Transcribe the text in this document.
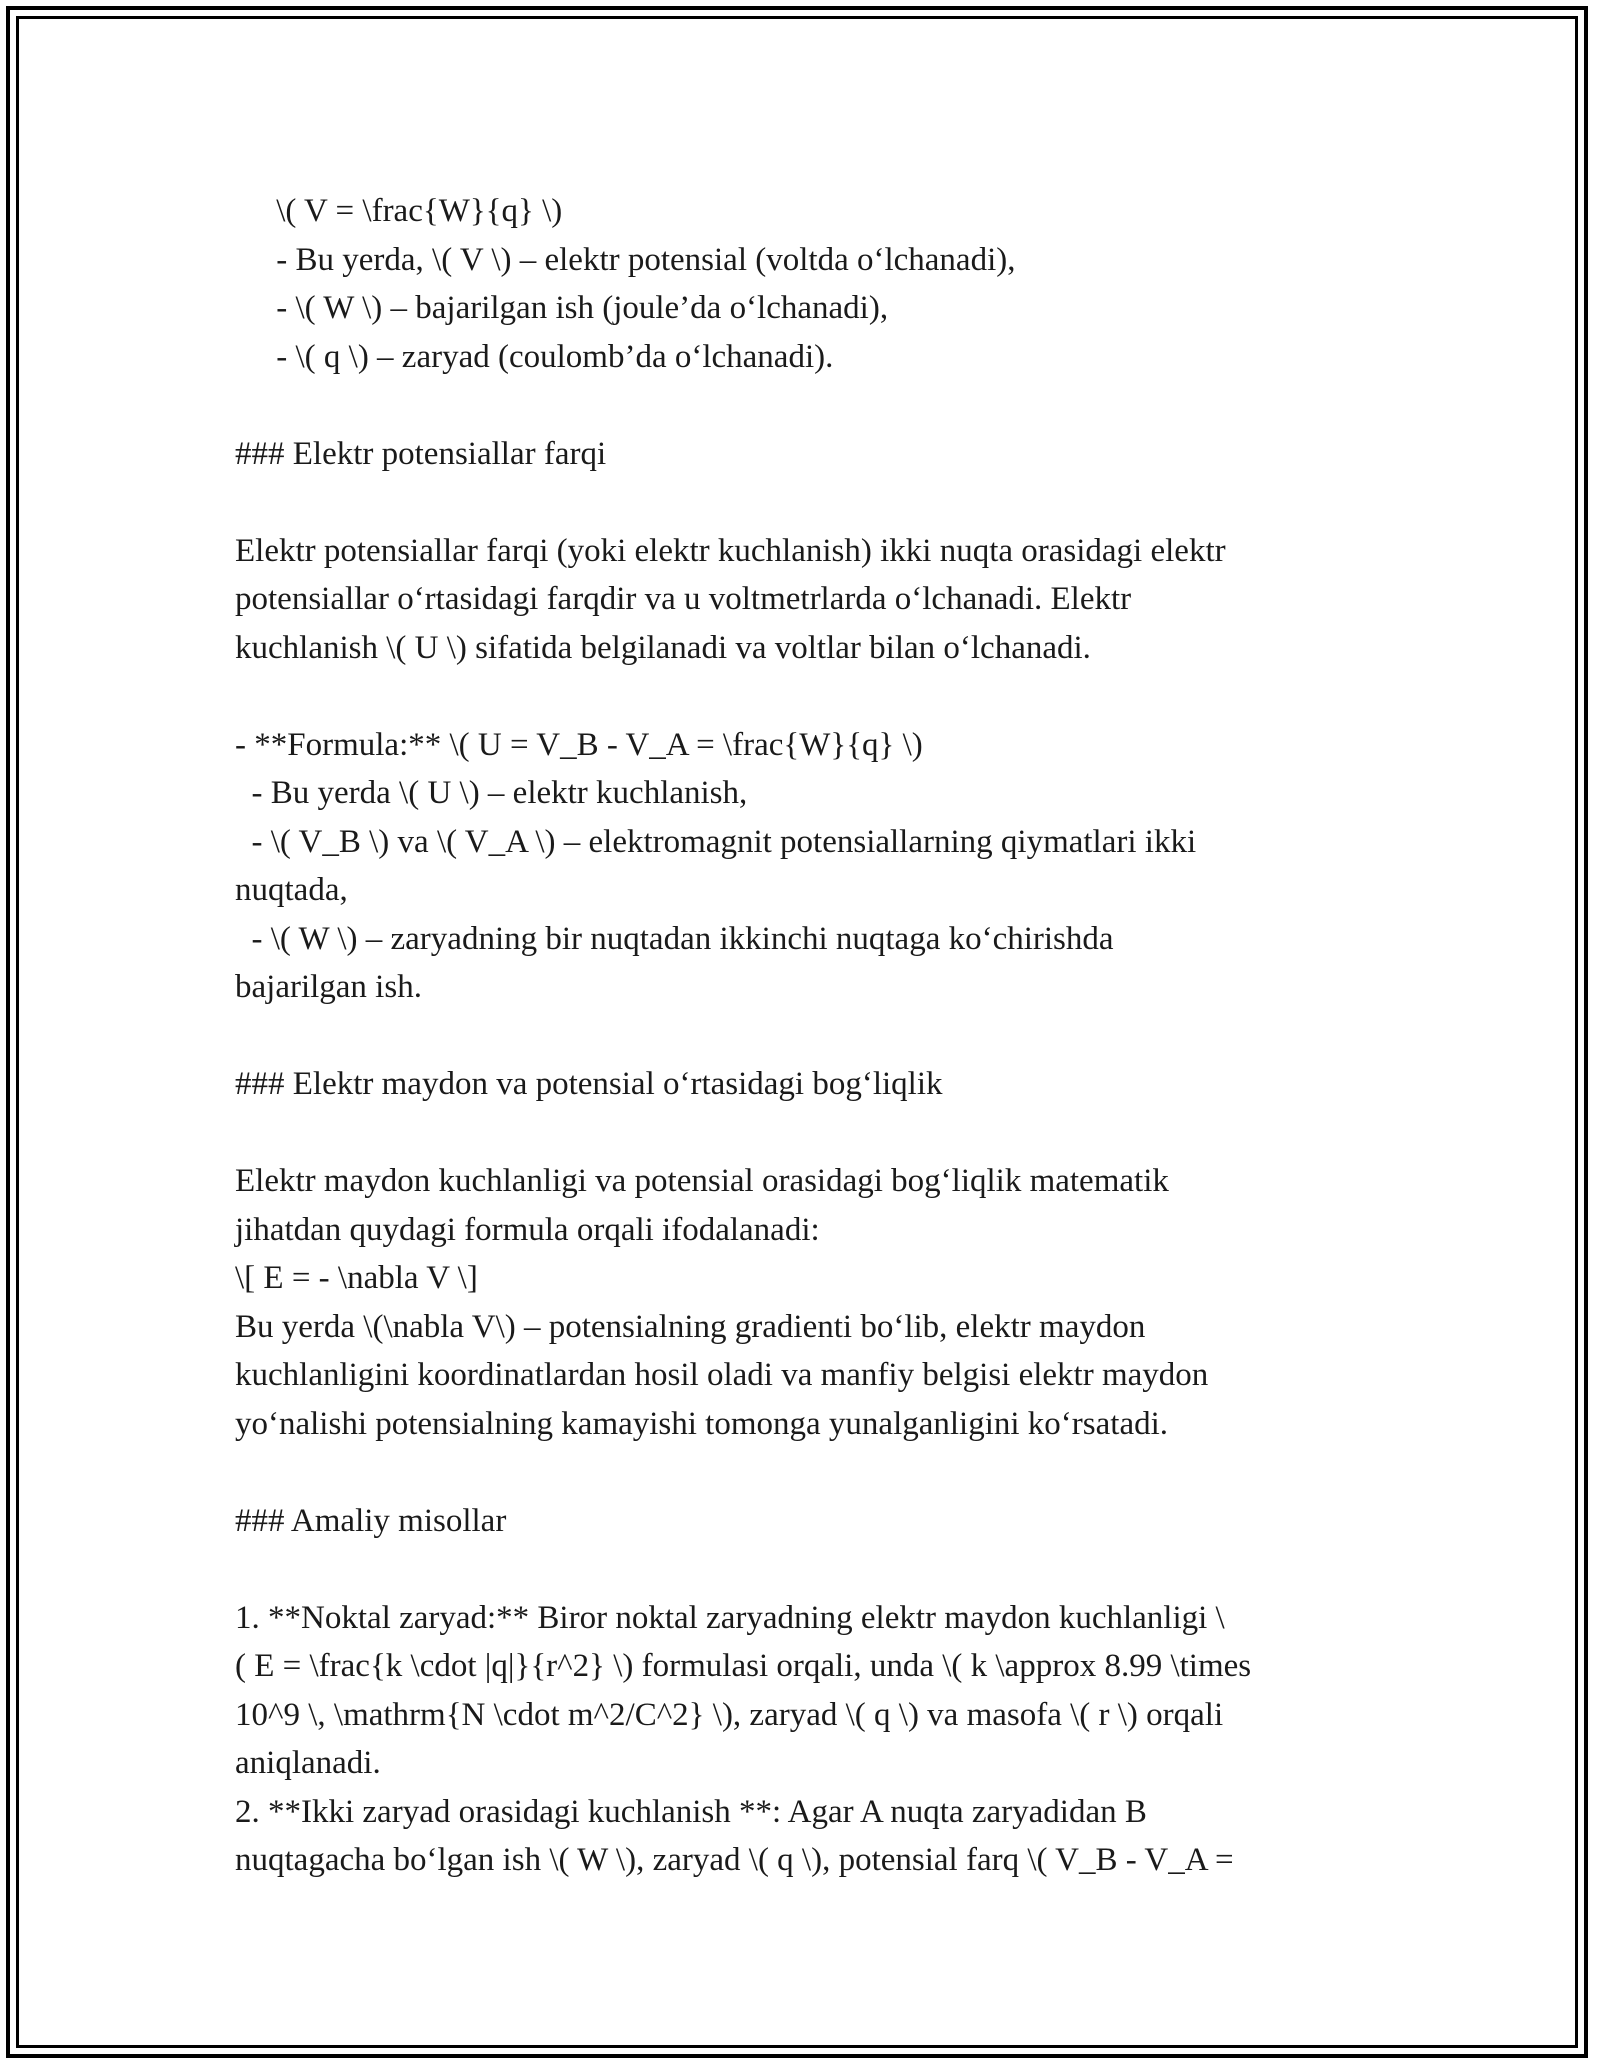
\( V = \frac{W}{q} \)
- Bu yerda, \( V \) – elektr potensial (voltda o‘lchanadi),
- \( W \) – bajarilgan ish (joule’da o‘lchanadi),
- \( q \) – zaryad (coulomb’da o‘lchanadi).
### Elektr potensiallar farqi
Elektr potensiallar farqi (yoki elektr kuchlanish) ikki nuqta orasidagi elektr
potensiallar o‘rtasidagi farqdir va u voltmetrlarda o‘lchanadi. Elektr
kuchlanish \( U \) sifatida belgilanadi va voltlar bilan o‘lchanadi.
- **Formula:** \( U = V_B - V_A = \frac{W}{q} \)
- Bu yerda \( U \) – elektr kuchlanish,
- \( V_B \) va \( V_A \) – elektromagnit potensiallarning qiymatlari ikki
nuqtada,
- \( W \) – zaryadning bir nuqtadan ikkinchi nuqtaga ko‘chirishda
bajarilgan ish.
### Elektr maydon va potensial o‘rtasidagi bog‘liqlik
Elektr maydon kuchlanligi va potensial orasidagi bog‘liqlik matematik
jihatdan quydagi formula orqali ifodalanadi:
\[ E = - \nabla V \]
Bu yerda \(\nabla V\) – potensialning gradienti bo‘lib, elektr maydon
kuchlanligini koordinatlardan hosil oladi va manfiy belgisi elektr maydon
yo‘nalishi potensialning kamayishi tomonga yunalganligini ko‘rsatadi.
### Amaliy misollar
1. **Noktal zaryad:** Biror noktal zaryadning elektr maydon kuchlanligi \
( E = \frac{k \cdot |q|}{r^2} \) formulasi orqali, unda \( k \approx 8.99 \times
10^9 \, \mathrm{N \cdot m^2/C^2} \), zaryad \( q \) va masofa \( r \) orqali
aniqlanadi.
2. **Ikki zaryad orasidagi kuchlanish **: Agar A nuqta zaryadidan B
nuqtagacha bo‘lgan ish \( W \), zaryad \( q \), potensial farq \( V_B - V_A =
